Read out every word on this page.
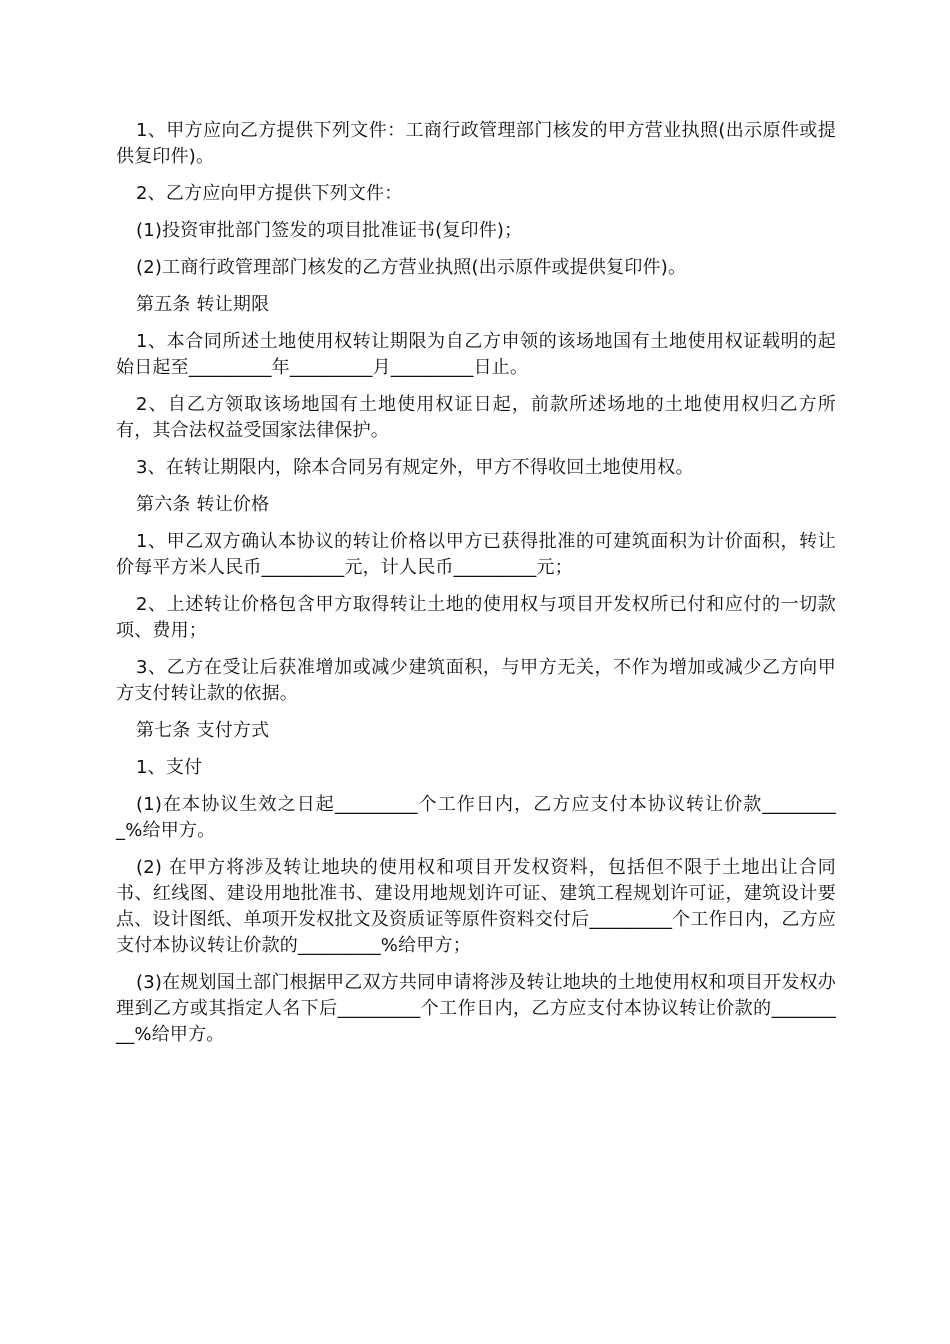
1、甲方应向乙方提供下列文件：工商行政管理部门核发的甲方营业执照(出示原件或提供复印件)。

2、乙方应向甲方提供下列文件：

(1)投资审批部门签发的项目批准证书(复印件)；

(2)工商行政管理部门核发的乙方营业执照(出示原件或提供复印件)。

第五条 转让期限

1、本合同所述土地使用权转让期限为自乙方申领的该场地国有土地使用权证载明的起始日起至_________年_________月_________日止。

2、自乙方领取该场地国有土地使用权证日起，前款所述场地的土地使用权归乙方所有，其合法权益受国家法律保护。

3、在转让期限内，除本合同另有规定外，甲方不得收回土地使用权。

第六条 转让价格

1、甲乙双方确认本协议的转让价格以甲方已获得批准的可建筑面积为计价面积，转让价每平方米人民币_________元，计人民币_________元；

2、上述转让价格包含甲方取得转让土地的使用权与项目开发权所已付和应付的一切款项、费用；

3、乙方在受让后获准增加或减少建筑面积，与甲方无关，不作为增加或减少乙方向甲方支付转让款的依据。

第七条 支付方式

1、支付

(1)在本协议生效之日起_________个工作日内，乙方应支付本协议转让价款_________%给甲方。

(2) 在甲方将涉及转让地块的使用权和项目开发权资料，包括但不限于土地出让合同书、红线图、建设用地批准书、建设用地规划许可证、建筑工程规划许可证，建筑设计要点、设计图纸、单项开发权批文及资质证等原件资料交付后_________个工作日内，乙方应支付本协议转让价款的_________%给甲方；

(3)在规划国土部门根据甲乙双方共同申请将涉及转让地块的土地使用权和项目开发权办理到乙方或其指定人名下后_________个工作日内，乙方应支付本协议转让价款的_________%给甲方。
